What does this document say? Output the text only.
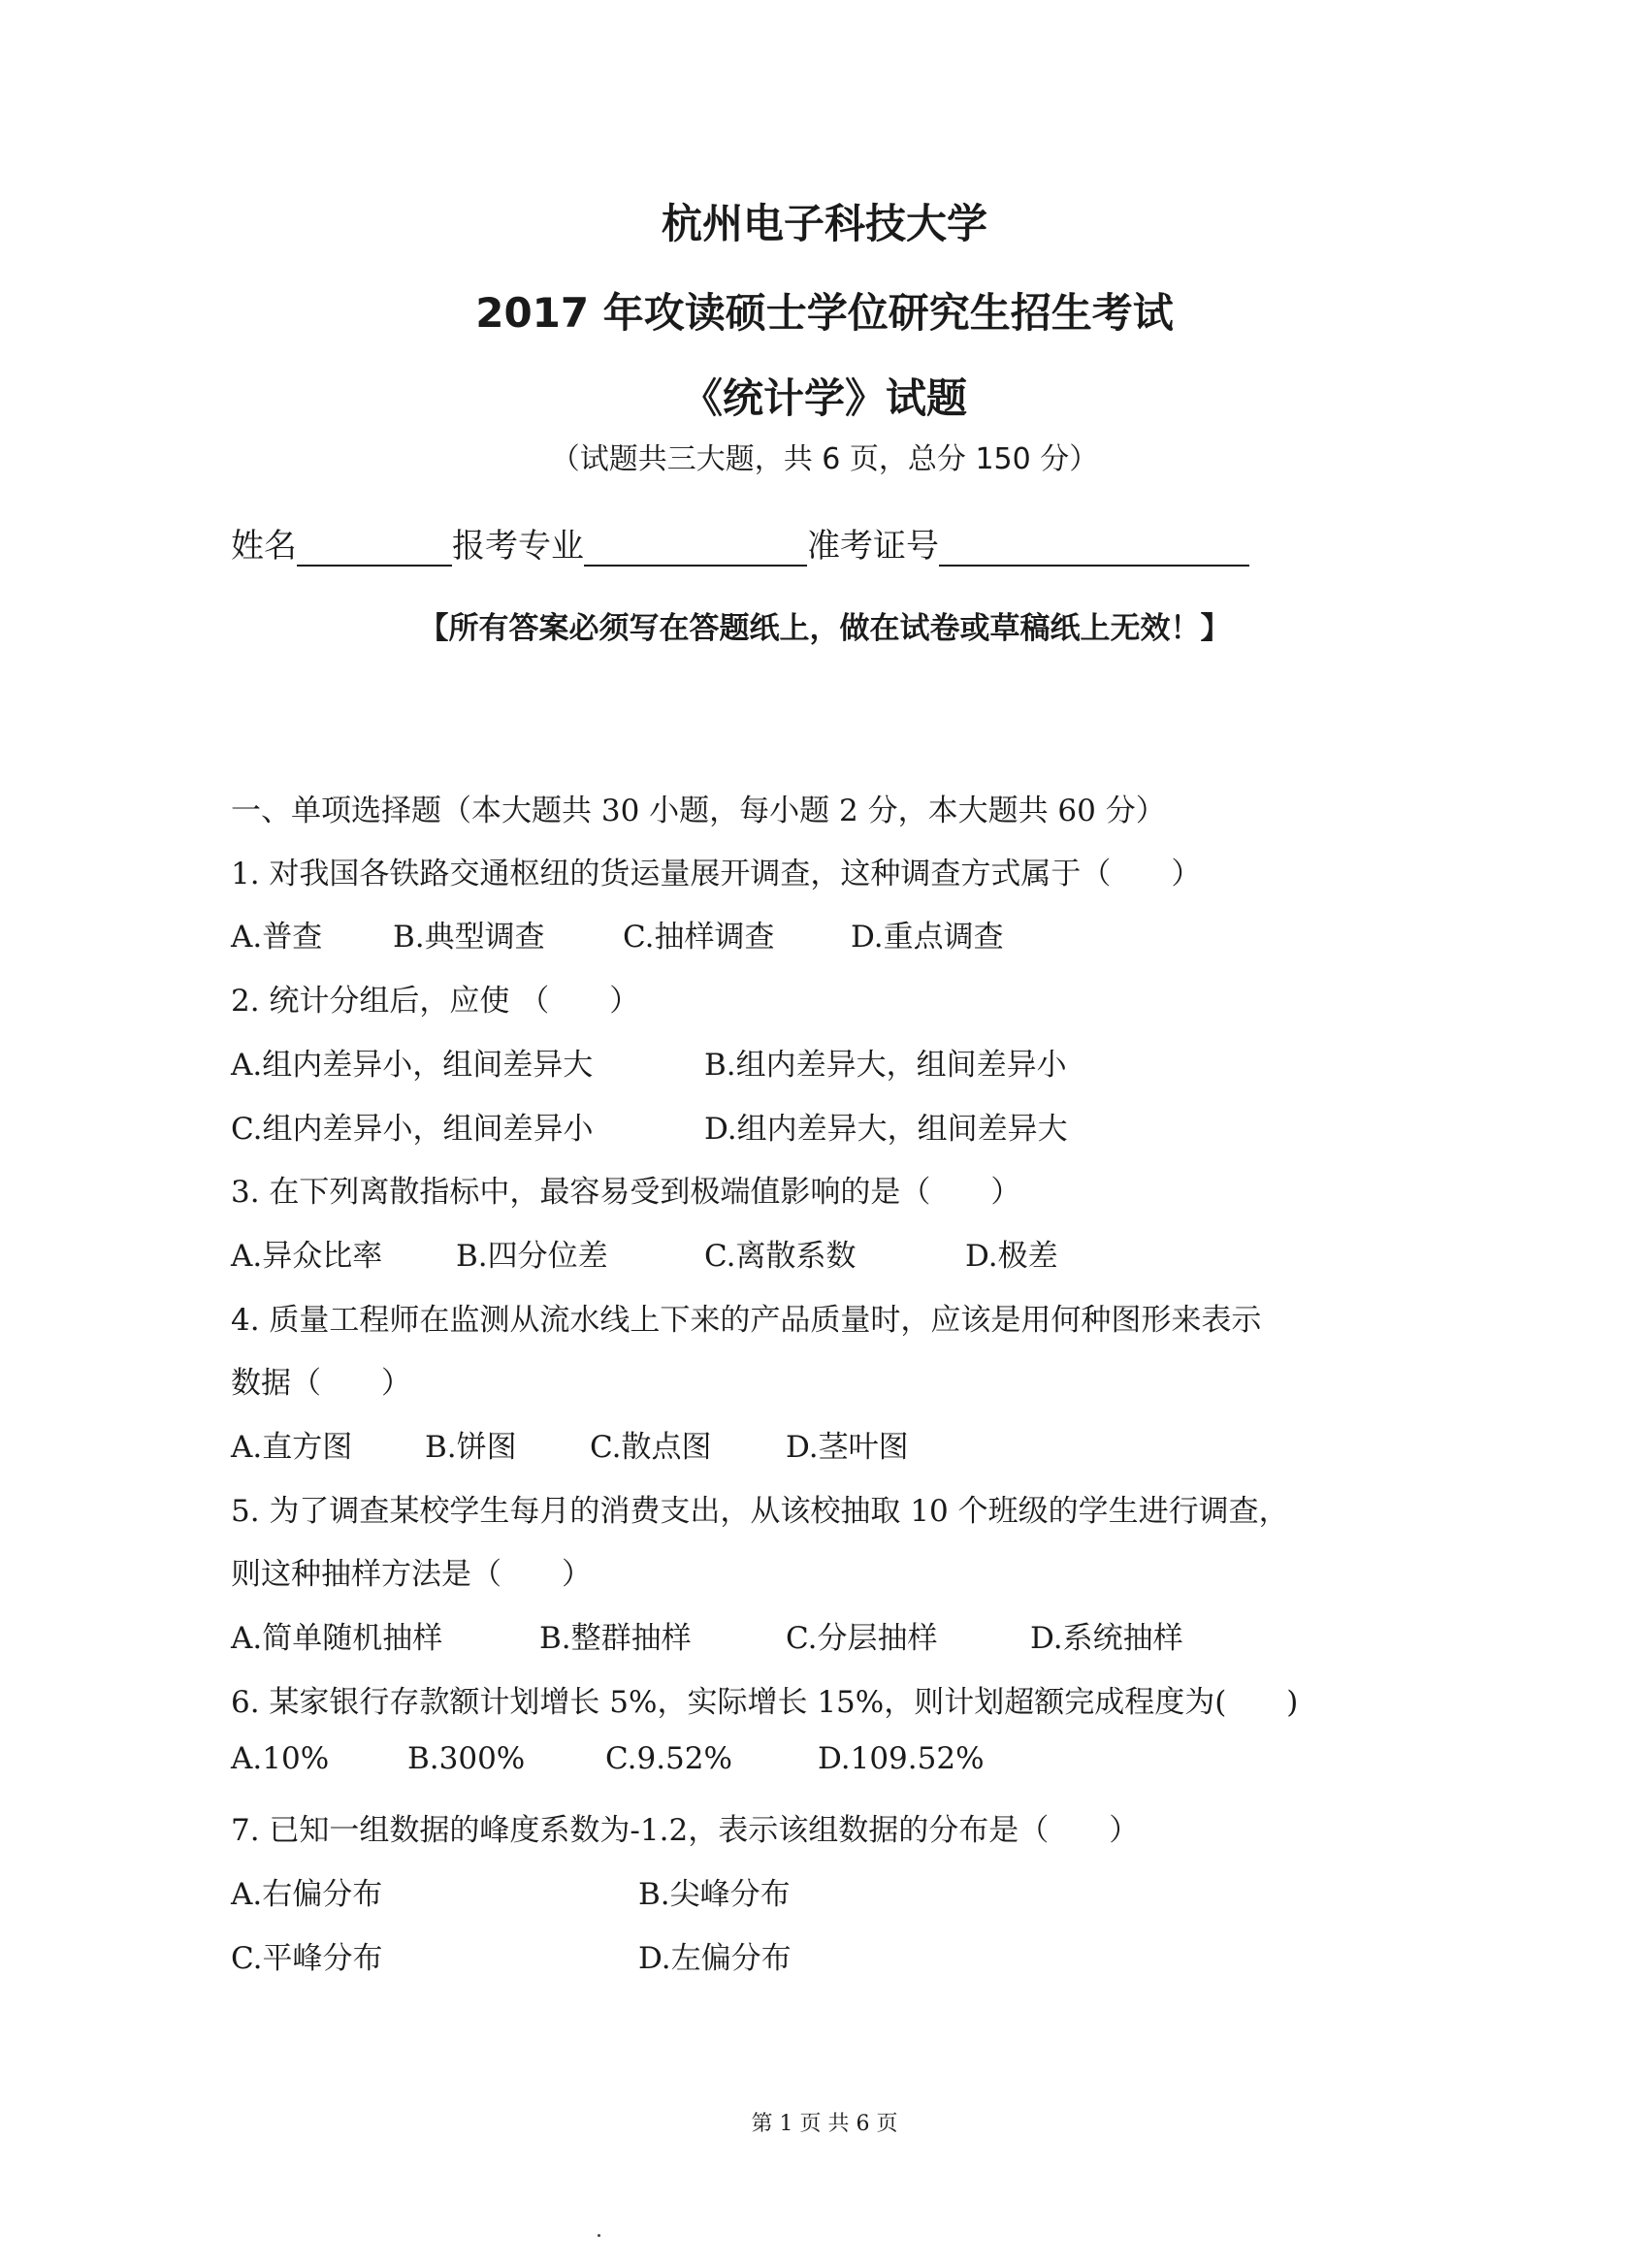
杭州电子科技大学
2017 年攻读硕士学位研究生招生考试
《统计学》试题
（试题共三大题，共 6 页，总分 150 分）
姓名	报考专业	准考证号
【所有答案必须写在答题纸上，做在试卷或草稿纸上无效！】
一、单项选择题（本大题共 30 小题，每小题 2 分，本大题共 60 分）
1. 对我国各铁路交通枢纽的货运量展开调查，这种调查方式属于（　　）
A.普查 B.典型调查	C.抽样调查	D.重点调查
2. 统计分组后，应使 （　　）
A.组内差异小，组间差异大	B.组内差异大，组间差异小
C.组内差异小，组间差异小	D.组内差异大，组间差异大
3. 在下列离散指标中，最容易受到极端值影响的是（　　）
A.异众比率 B.四分位差	C.离散系数	D.极差
4. 质量工程师在监测从流水线上下来的产品质量时，应该是用何种图形来表示
数据（　　）
A.直方图 B.饼图 C.散点图 D.茎叶图
5. 为了调查某校学生每月的消费支出，从该校抽取 10 个班级的学生进行调查，
则这种抽样方法是（　　）
A.简单随机抽样	B.整群抽样	C.分层抽样	D.系统抽样
6. 某家银行存款额计划增长 5%，实际增长 15%，则计划超额完成程度为(　　)
A.10%	B.300%	C.9.52%	D.109.52%
7. 已知一组数据的峰度系数为-1.2，表示该组数据的分布是（　　）
A.右偏分布	B.尖峰分布
C.平峰分布	D.左偏分布
第 1 页 共 6 页
